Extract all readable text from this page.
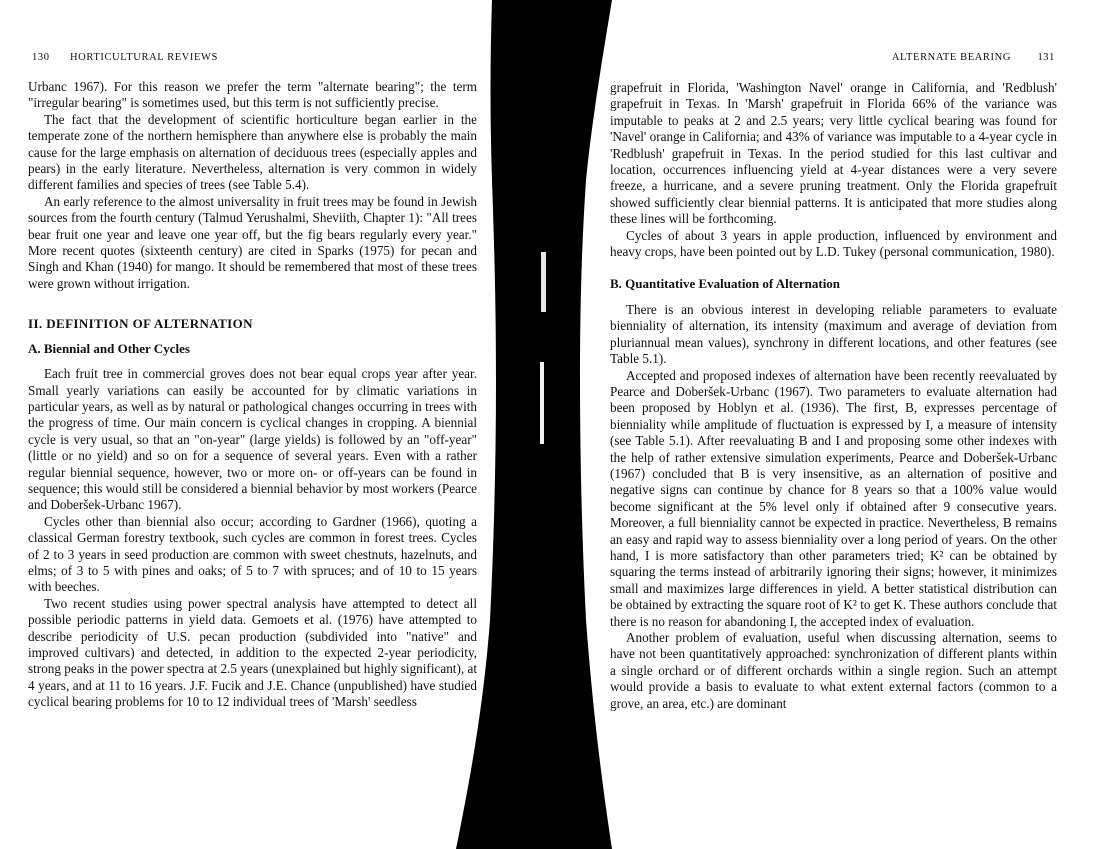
130 HORTICULTURAL REVIEWS

Urbanc 1967). For this reason we prefer the term "alternate bearing"; the term "irregular bearing" is sometimes used, but this term is not sufficiently precise.

The fact that the development of scientific horticulture began earlier in the temperate zone of the northern hemisphere than anywhere else is probably the main cause for the large emphasis on alternation of deciduous trees (especially apples and pears) in the early literature. Nevertheless, alternation is very common in widely different families and species of trees (see Table 5.4).

An early reference to the almost universality in fruit trees may be found in Jewish sources from the fourth century (Talmud Yerushalmi, Sheviith, Chapter 1): "All trees bear fruit one year and leave one year off, but the fig bears regularly every year." More recent quotes (sixteenth century) are cited in Sparks (1975) for pecan and Singh and Khan (1940) for mango. It should be remembered that most of these trees were grown without irrigation.

II. DEFINITION OF ALTERNATION
A. Biennial and Other Cycles

Each fruit tree in commercial groves does not bear equal crops year after year. Small yearly variations can easily be accounted for by climatic variations in particular years, as well as by natural or pathological changes occurring in trees with the progress of time. Our main concern is cyclical changes in cropping. A biennial cycle is very usual, so that an "on-year" (large yields) is followed by an "off-year" (little or no yield) and so on for a sequence of several years. Even with a rather regular biennial sequence, however, two or more on- or off-years can be found in sequence; this would still be considered a biennial behavior by most workers (Pearce and Doberšek-Urbanc 1967).

Cycles other than biennial also occur; according to Gardner (1966), quoting a classical German forestry textbook, such cycles are common in forest trees. Cycles of 2 to 3 years in seed production are common with sweet chestnuts, hazelnuts, and elms; of 3 to 5 with pines and oaks; of 5 to 7 with spruces; and of 10 to 15 years with beeches.

Two recent studies using power spectral analysis have attempted to detect all possible periodic patterns in yield data. Gemoets et al. (1976) have attempted to describe periodicity of U.S. pecan production (subdivided into "native" and improved cultivars) and detected, in addition to the expected 2-year periodicity, strong peaks in the power spectra at 2.5 years (unexplained but highly significant), at 4 years, and at 11 to 16 years. J.F. Fucik and J.E. Chance (unpublished) have studied cyclical bearing problems for 10 to 12 individual trees of 'Marsh' seedless

ALTERNATE BEARING	131

grapefruit in Florida, 'Washington Navel' orange in California, and 'Redblush' grapefruit in Texas. In 'Marsh' grapefruit in Florida 66% of the variance was imputable to peaks at 2 and 2.5 years; very little cyclical bearing was found for 'Navel' orange in California; and 43% of variance was imputable to a 4-year cycle in 'Redblush' grapefruit in Texas. In the period studied for this last cultivar and location, occurrences influencing yield at 4-year distances were a very severe freeze, a hurricane, and a severe pruning treatment. Only the Florida grapefruit showed sufficiently clear biennial patterns. It is anticipated that more studies along these lines will be forthcoming.

Cycles of about 3 years in apple production, influenced by environment and heavy crops, have been pointed out by L.D. Tukey (personal communication, 1980).

B. Quantitative Evaluation of Alternation

There is an obvious interest in developing reliable parameters to evaluate bienniality of alternation, its intensity (maximum and average of deviation from pluriannual mean values), synchrony in different locations, and other features (see Table 5.1).

Accepted and proposed indexes of alternation have been recently reevaluated by Pearce and Doberšek-Urbanc (1967). Two parameters to evaluate alternation had been proposed by Hoblyn et al. (1936). The first, B, expresses percentage of bienniality while amplitude of fluctuation is expressed by I, a measure of intensity (see Table 5.1). After reevaluating B and I and proposing some other indexes with the help of rather extensive simulation experiments, Pearce and Doberšek-Urbanc (1967) concluded that B is very insensitive, as an alternation of positive and negative signs can continue by chance for 8 years so that a 100% value would become significant at the 5% level only if obtained after 9 consecutive years. Moreover, a full bienniality cannot be expected in practice. Nevertheless, B remains an easy and rapid way to assess bienniality over a long period of years. On the other hand, I is more satisfactory than other parameters tried; K² can be obtained by squaring the terms instead of arbitrarily ignoring their signs; however, it minimizes small and maximizes large differences in yield. A better statistical distribution can be obtained by extracting the square root of K² to get K. These authors conclude that there is no reason for abandoning I, the accepted index of evaluation.

Another problem of evaluation, useful when discussing alternation, seems to have not been quantitatively approached: synchronization of different plants within a single orchard or of different orchards within a single region. Such an attempt would provide a basis to evaluate to what extent external factors (common to a grove, an area, etc.) are dominant
